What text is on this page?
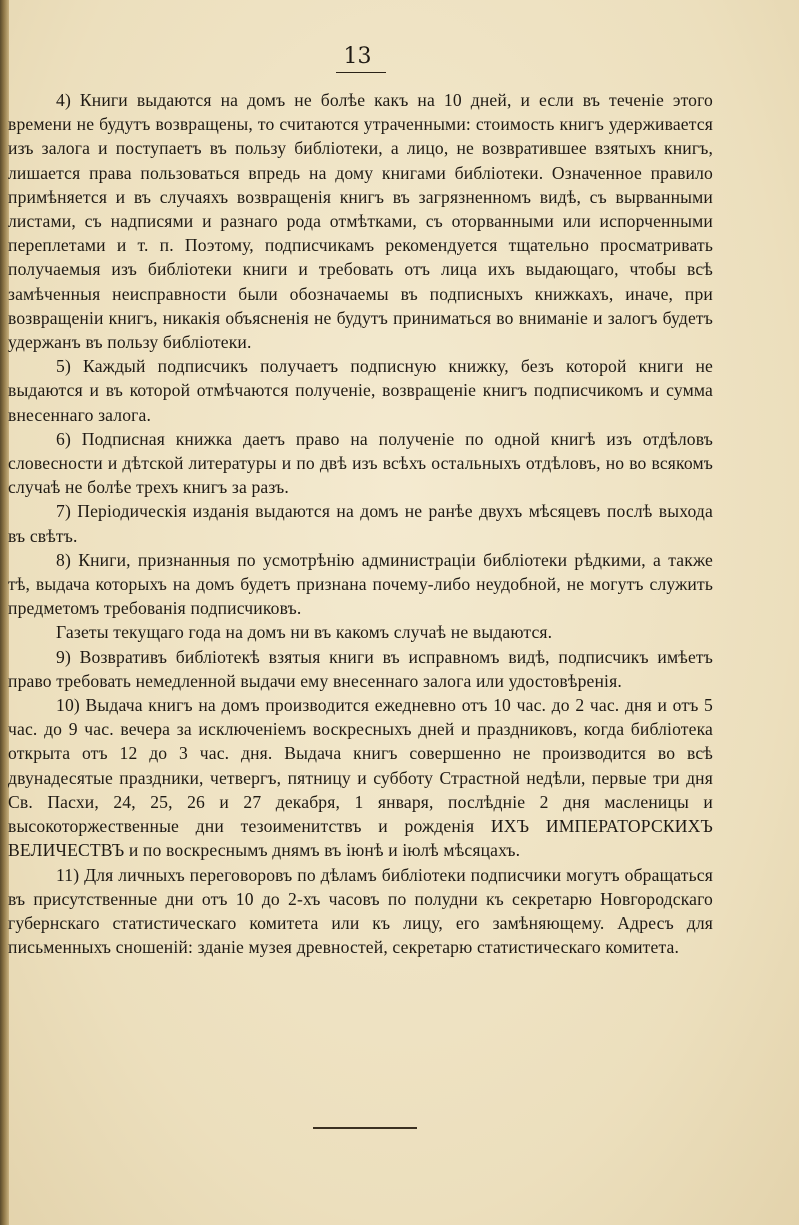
13

4) Книги выдаются на домъ не болѣе какъ на 10 дней, и если въ теченіе этого времени не будутъ возвращены, то считаются утраченными: стоимость книгъ удерживается изъ залога и поступаетъ въ пользу библіотеки, а лицо, не возвратившее взятыхъ книгъ, лишается права пользоваться впредь на дому книгами библіотеки. Означенное правило примѣняется и въ случаяхъ возвращенія книгъ въ загрязненномъ видѣ, съ вырванными листами, съ надписями и разнаго рода отмѣтками, съ оторванными или испорченными переплетами и т. п. Поэтому, подписчикамъ рекомендуется тщательно просматривать получаемыя изъ библіотеки книги и требовать отъ лица ихъ выдающаго, чтобы всѣ замѣченныя неисправности были обозначаемы въ подписныхъ книжкахъ, иначе, при возвращеніи книгъ, никакія объясненія не будутъ приниматься во вниманіе и залогъ будетъ удержанъ въ пользу библіотеки.

5) Каждый подписчикъ получаетъ подписную книжку, безъ которой книги не выдаются и въ которой отмѣчаются полученіе, возвращеніе книгъ подписчикомъ и сумма внесеннаго залога.

6) Подписная книжка даетъ право на полученіе по одной книгѣ изъ отдѣловъ словесности и дѣтской литературы и по двѣ изъ всѣхъ остальныхъ отдѣловъ, но во всякомъ случаѣ не болѣе трехъ книгъ за разъ.

7) Періодическія изданія выдаются на домъ не ранѣе двухъ мѣсяцевъ послѣ выхода въ свѣтъ.

8) Книги, признанныя по усмотрѣнію администраціи библіотеки рѣдкими, а также тѣ, выдача которыхъ на домъ будетъ признана почему-либо неудобной, не могутъ служить предметомъ требованія подписчиковъ.

Газеты текущаго года на домъ ни въ какомъ случаѣ не выдаются.

9) Возвративъ библіотекѣ взятыя книги въ исправномъ видѣ, подписчикъ имѣетъ право требовать немедленной выдачи ему внесеннаго залога или удостовѣренія.

10) Выдача книгъ на домъ производится ежедневно отъ 10 час. до 2 час. дня и отъ 5 час. до 9 час. вечера за исключеніемъ воскресныхъ дней и праздниковъ, когда библіотека открыта отъ 12 до 3 час. дня. Выдача книгъ совершенно не производится во всѣ двунадесятые праздники, четвергъ, пятницу и субботу Страстной недѣли, первые три дня Св. Пасхи, 24, 25, 26 и 27 декабря, 1 января, послѣдніе 2 дня масленицы и высокоторжественные дни тезоименитствъ и рожденія ИХЪ ИМПЕРАТОРСКИХЪ ВЕЛИЧЕСТВЪ и по воскреснымъ днямъ въ іюнѣ и іюлѣ мѣсяцахъ.

11) Для личныхъ переговоровъ по дѣламъ библіотеки подписчики могутъ обращаться въ присутственные дни отъ 10 до 2-хъ часовъ по полудни къ секретарю Новгородскаго губернскаго статистическаго комитета или къ лицу, его замѣняющему. Адресъ для письменныхъ сношеній: зданіе музея древностей, секретарю статистическаго комитета.
